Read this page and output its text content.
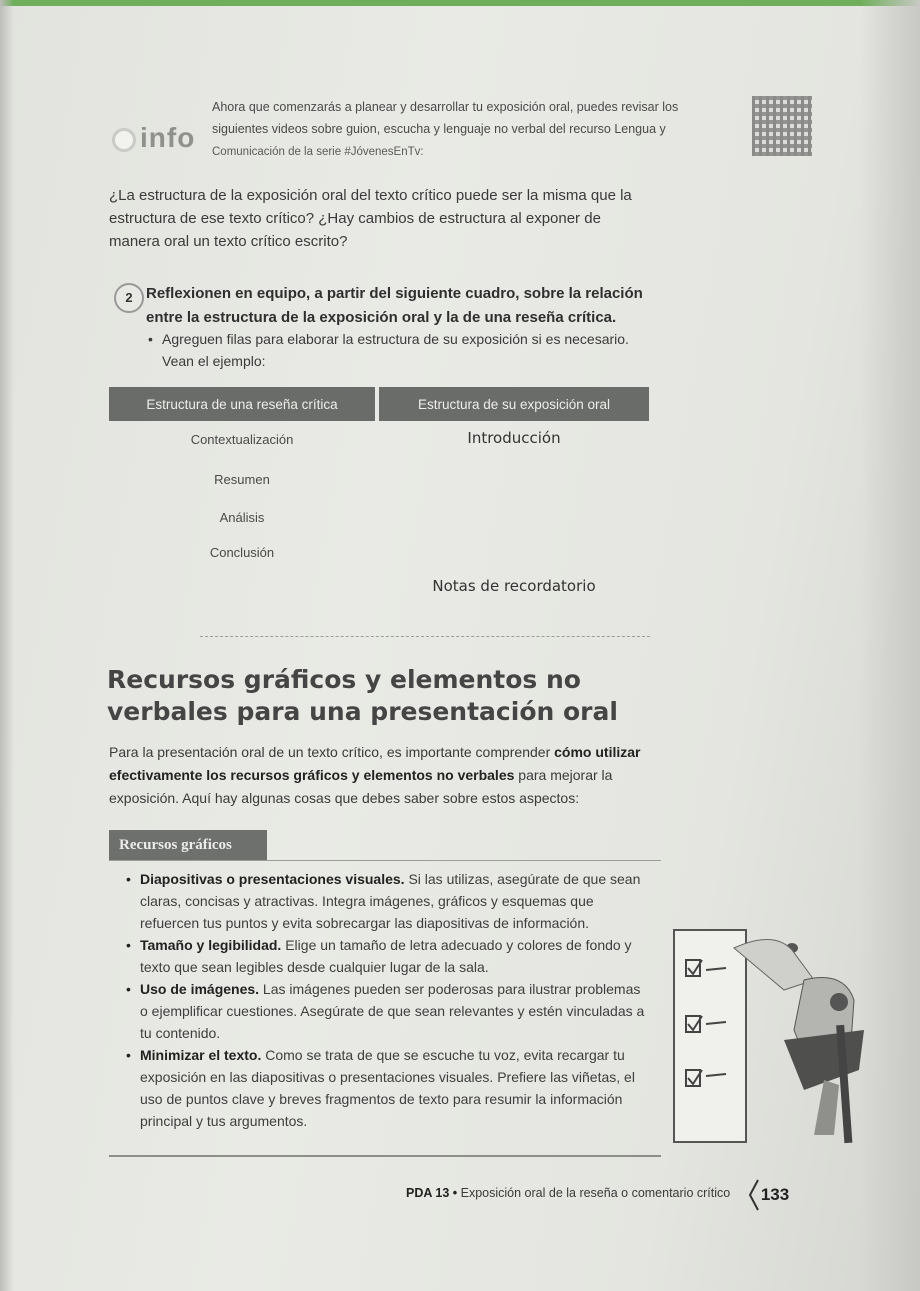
info
Ahora que comenzarás a planear y desarrollar tu exposición oral, puedes revisar los siguientes videos sobre guion, escucha y lenguaje no verbal del recurso Lengua y
Comunicación de la serie #JóvenesEnTv:
¿La estructura de la exposición oral del texto crítico puede ser la misma que la estructura de ese texto crítico? ¿Hay cambios de estructura al exponer de manera oral un texto crítico escrito?
2 Reflexionen en equipo, a partir del siguiente cuadro, sobre la relación entre la estructura de la exposición oral y la de una reseña crítica.
• Agreguen filas para elaborar la estructura de su exposición si es necesario. Vean el ejemplo:
Estructura de una reseña crítica	Estructura de su exposición oral
Contextualización	Introducción
Resumen
Análisis
Conclusión
Notas de recordatorio
Recursos gráficos y elementos no verbales para una presentación oral
Para la presentación oral de un texto crítico, es importante comprender cómo utilizar efectivamente los recursos gráficos y elementos no verbales para mejorar la exposición. Aquí hay algunas cosas que debes saber sobre estos aspectos:
Recursos gráficos
• Diapositivas o presentaciones visuales. Si las utilizas, asegúrate de que sean claras, concisas y atractivas. Integra imágenes, gráficos y esquemas que refuercen tus puntos y evita sobrecargar las diapositivas de información.
• Tamaño y legibilidad. Elige un tamaño de letra adecuado y colores de fondo y texto que sean legibles desde cualquier lugar de la sala.
• Uso de imágenes. Las imágenes pueden ser poderosas para ilustrar problemas o ejemplificar cuestiones. Asegúrate de que sean relevantes y estén vinculadas a tu contenido.
• Minimizar el texto. Como se trata de que se escuche tu voz, evita recargar tu exposición en las diapositivas o presentaciones visuales. Prefiere las viñetas, el uso de puntos clave y breves fragmentos de texto para resumir la información principal y tus argumentos.
PDA 13 • Exposición oral de la reseña o comentario crítico 133
